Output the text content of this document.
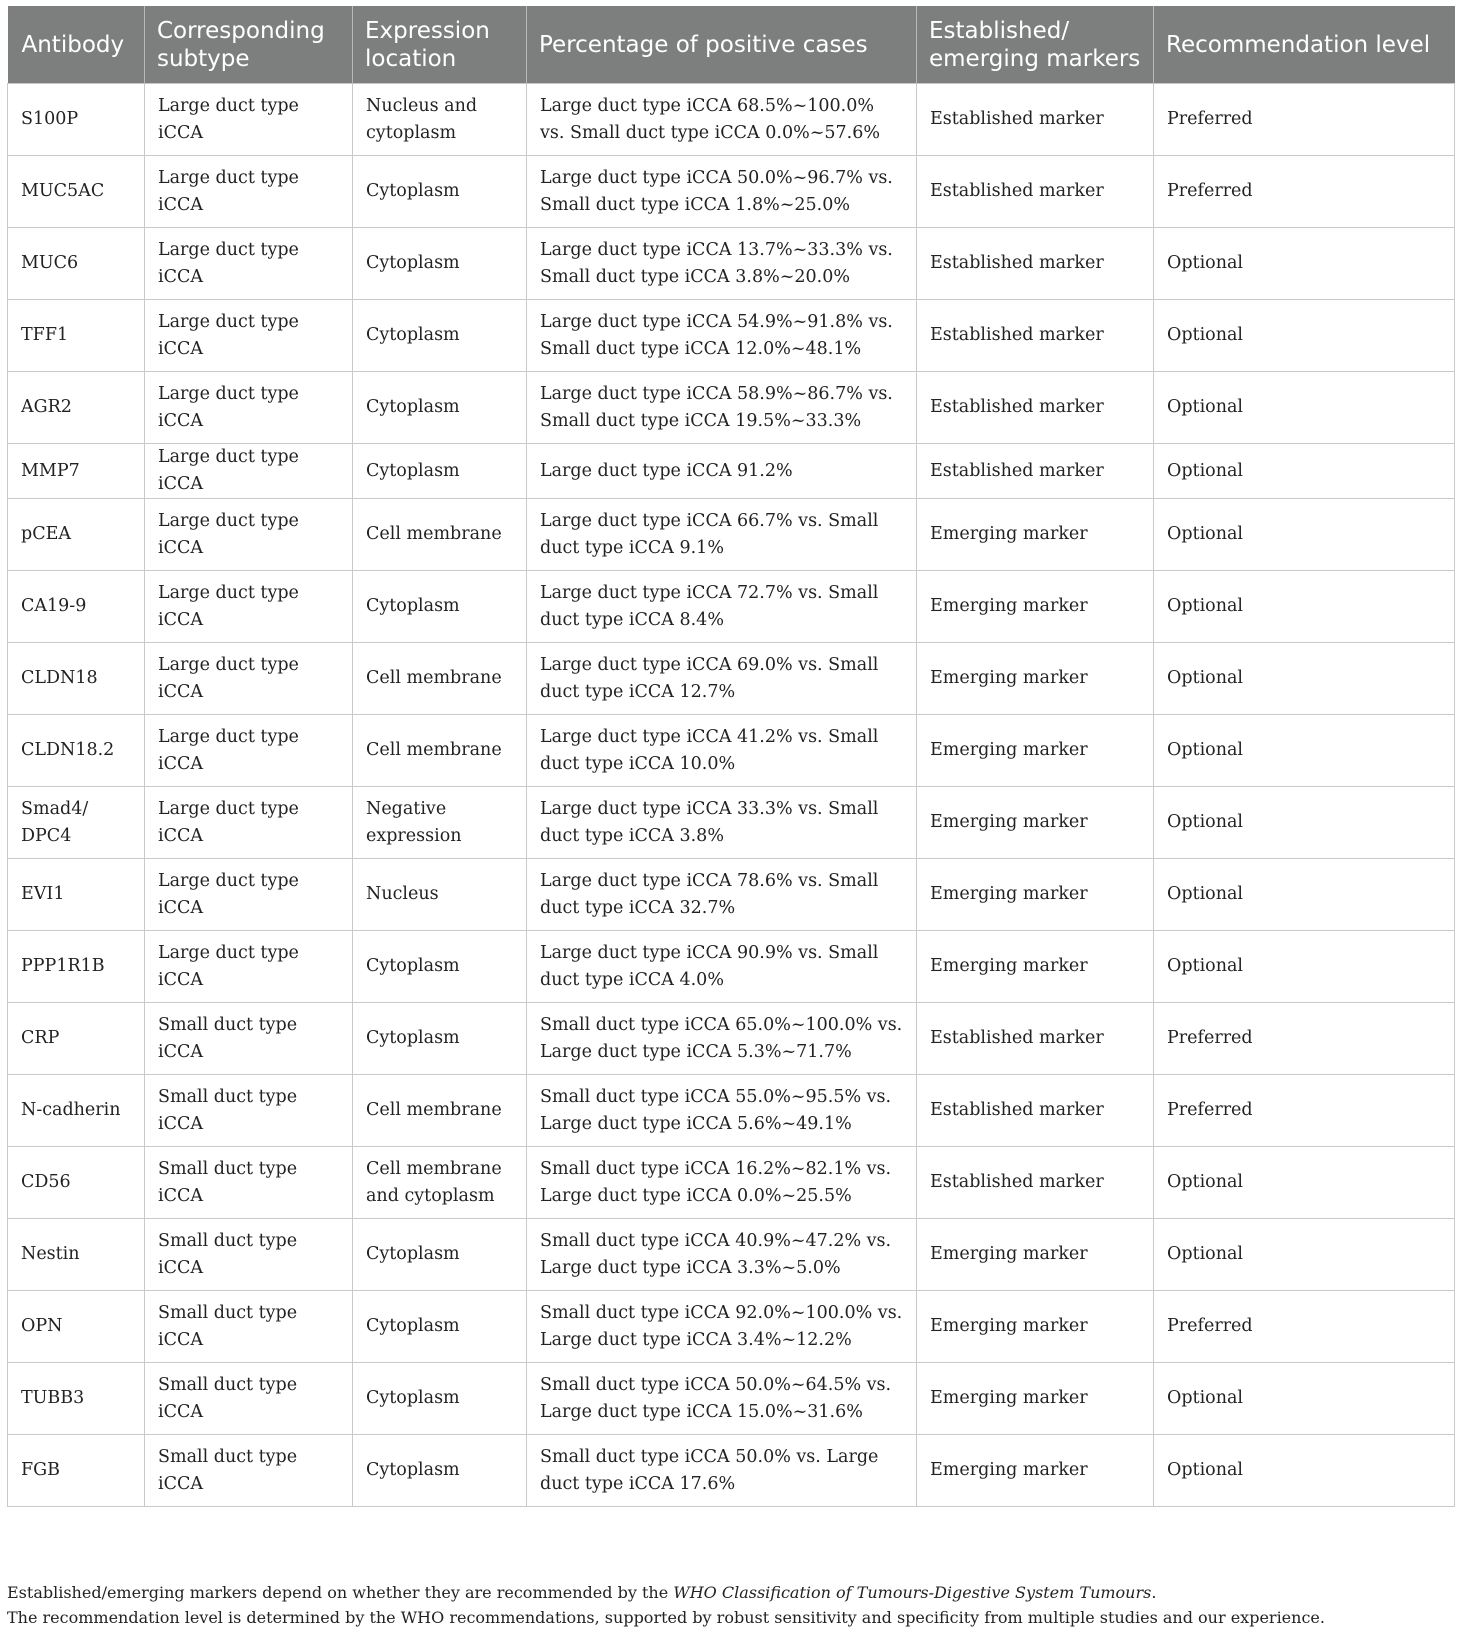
Antibody	Corresponding subtype	Expression location	Percentage of positive cases	Established/ emerging markers	Recommendation level
S100P	Large duct type iCCA	Nucleus and cytoplasm	Large duct type iCCA 68.5%~100.0% vs. Small duct type iCCA 0.0%~57.6%	Established marker	Preferred
MUC5AC	Large duct type iCCA	Cytoplasm	Large duct type iCCA 50.0%~96.7% vs. Small duct type iCCA 1.8%~25.0%	Established marker	Preferred
MUC6	Large duct type iCCA	Cytoplasm	Large duct type iCCA 13.7%~33.3% vs. Small duct type iCCA 3.8%~20.0%	Established marker	Optional
TFF1	Large duct type iCCA	Cytoplasm	Large duct type iCCA 54.9%~91.8% vs. Small duct type iCCA 12.0%~48.1%	Established marker	Optional
AGR2	Large duct type iCCA	Cytoplasm	Large duct type iCCA 58.9%~86.7% vs. Small duct type iCCA 19.5%~33.3%	Established marker	Optional
MMP7	Large duct type iCCA	Cytoplasm	Large duct type iCCA 91.2%	Established marker	Optional
pCEA	Large duct type iCCA	Cell membrane	Large duct type iCCA 66.7% vs. Small duct type iCCA 9.1%	Emerging marker	Optional
CA19-9	Large duct type iCCA	Cytoplasm	Large duct type iCCA 72.7% vs. Small duct type iCCA 8.4%	Emerging marker	Optional
CLDN18	Large duct type iCCA	Cell membrane	Large duct type iCCA 69.0% vs. Small duct type iCCA 12.7%	Emerging marker	Optional
CLDN18.2	Large duct type iCCA	Cell membrane	Large duct type iCCA 41.2% vs. Small duct type iCCA 10.0%	Emerging marker	Optional
Smad4/ DPC4	Large duct type iCCA	Negative expression	Large duct type iCCA 33.3% vs. Small duct type iCCA 3.8%	Emerging marker	Optional
EVI1	Large duct type iCCA	Nucleus	Large duct type iCCA 78.6% vs. Small duct type iCCA 32.7%	Emerging marker	Optional
PPP1R1B	Large duct type iCCA	Cytoplasm	Large duct type iCCA 90.9% vs. Small duct type iCCA 4.0%	Emerging marker	Optional
CRP	Small duct type iCCA	Cytoplasm	Small duct type iCCA 65.0%~100.0% vs. Large duct type iCCA 5.3%~71.7%	Established marker	Preferred
N-cadherin	Small duct type iCCA	Cell membrane	Small duct type iCCA 55.0%~95.5% vs. Large duct type iCCA 5.6%~49.1%	Established marker	Preferred
CD56	Small duct type iCCA	Cell membrane and cytoplasm	Small duct type iCCA 16.2%~82.1% vs. Large duct type iCCA 0.0%~25.5%	Established marker	Optional
Nestin	Small duct type iCCA	Cytoplasm	Small duct type iCCA 40.9%~47.2% vs. Large duct type iCCA 3.3%~5.0%	Emerging marker	Optional
OPN	Small duct type iCCA	Cytoplasm	Small duct type iCCA 92.0%~100.0% vs. Large duct type iCCA 3.4%~12.2%	Emerging marker	Preferred
TUBB3	Small duct type iCCA	Cytoplasm	Small duct type iCCA 50.0%~64.5% vs. Large duct type iCCA 15.0%~31.6%	Emerging marker	Optional
FGB	Small duct type iCCA	Cytoplasm	Small duct type iCCA 50.0% vs. Large duct type iCCA 17.6%	Emerging marker	Optional
Established/emerging markers depend on whether they are recommended by the WHO Classification of Tumours-Digestive System Tumours.
The recommendation level is determined by the WHO recommendations, supported by robust sensitivity and specificity from multiple studies and our experience.
